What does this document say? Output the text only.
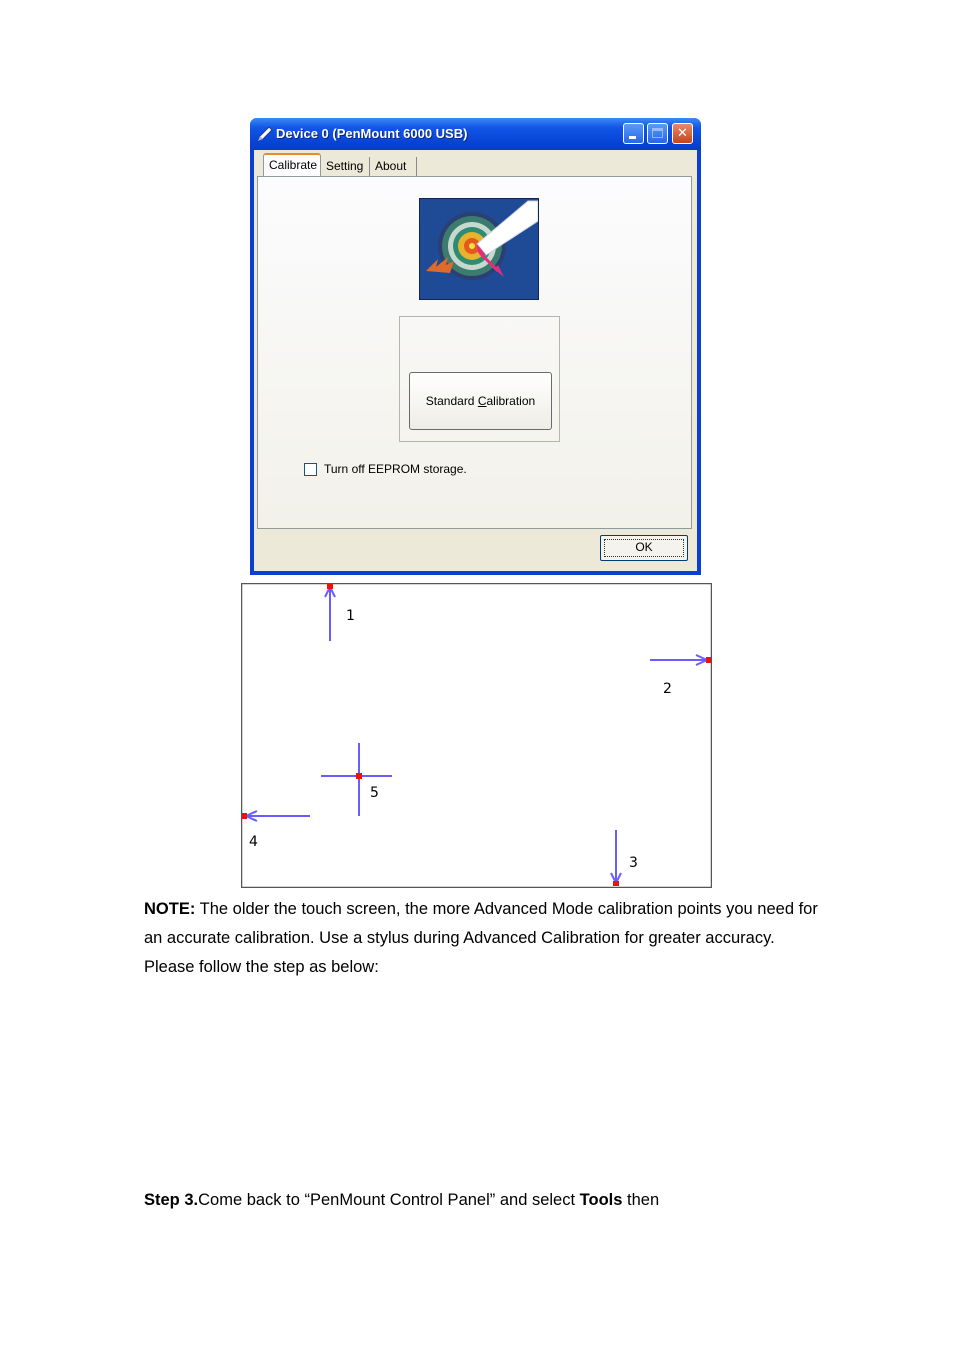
Device 0 (PenMount 6000 USB)	✕
Calibrate Setting About
Standard Calibration
Turn off EEPROM storage.
OK
1
2
3
4
5
NOTE: The older the touch screen, the more Advanced Mode calibration points you need for an accurate calibration. Use a stylus during Advanced Calibration for greater accuracy. Please follow the step as below:
Step 3.Come back to “PenMount Control Panel” and select Tools then
